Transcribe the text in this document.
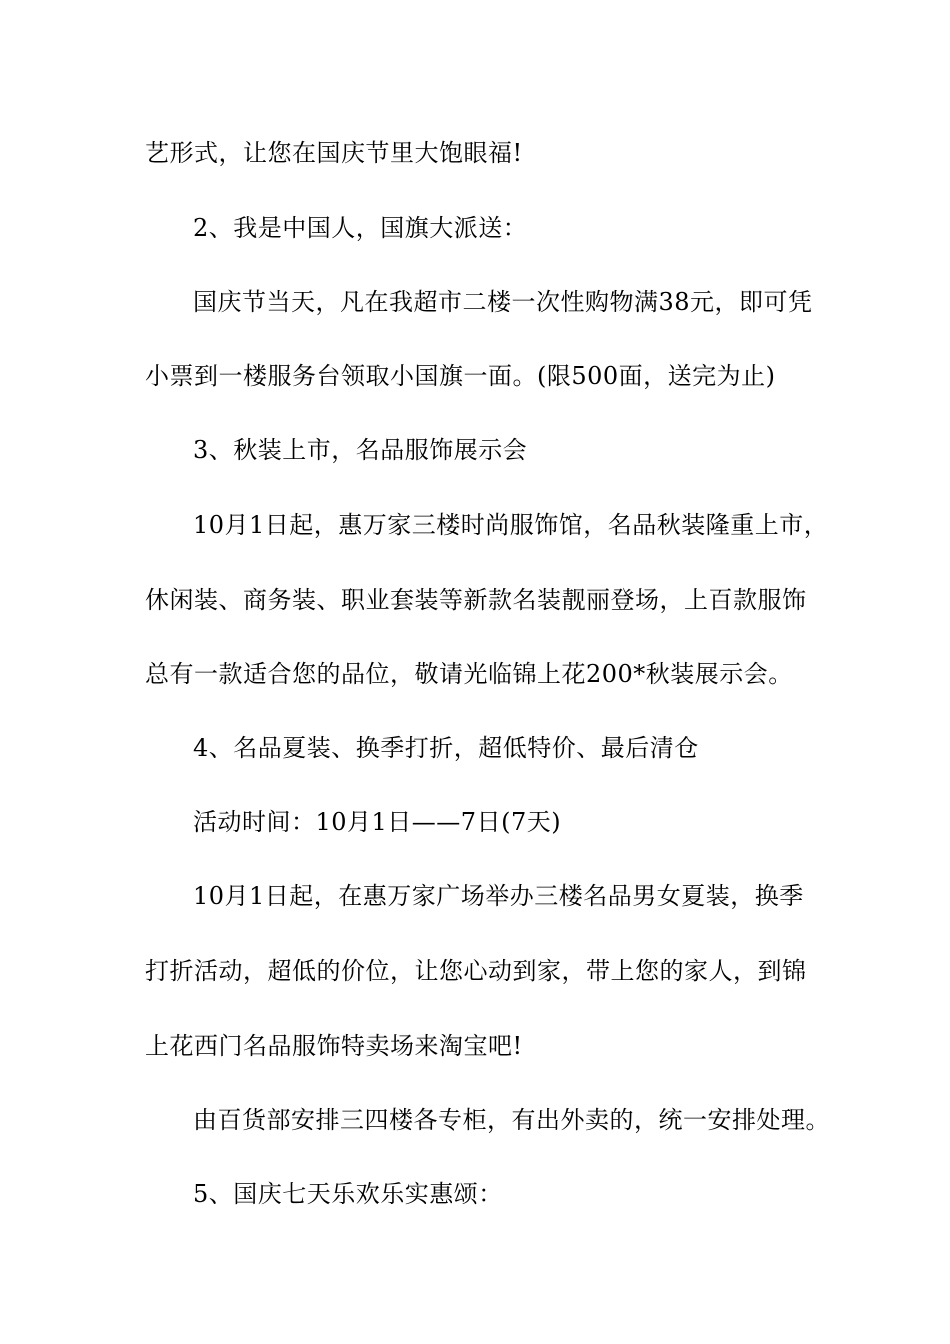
艺形式，让您在国庆节里大饱眼福!
2、我是中国人，国旗大派送：
国庆节当天，凡在我超市二楼一次性购物满38元，即可凭
小票到一楼服务台领取小国旗一面。(限500面，送完为止)
3、秋装上市，名品服饰展示会
10月1日起，惠万家三楼时尚服饰馆，名品秋装隆重上市，
休闲装、商务装、职业套装等新款名装靓丽登场，上百款服饰
总有一款适合您的品位，敬请光临锦上花200*秋装展示会。
4、名品夏装、换季打折，超低特价、最后清仓
活动时间：10月1日——7日(7天)
10月1日起，在惠万家广场举办三楼名品男女夏装，换季
打折活动，超低的价位，让您心动到家，带上您的家人，到锦
上花西门名品服饰特卖场来淘宝吧!
由百货部安排三四楼各专柜，有出外卖的，统一安排处理。
5、国庆七天乐欢乐实惠颂：
